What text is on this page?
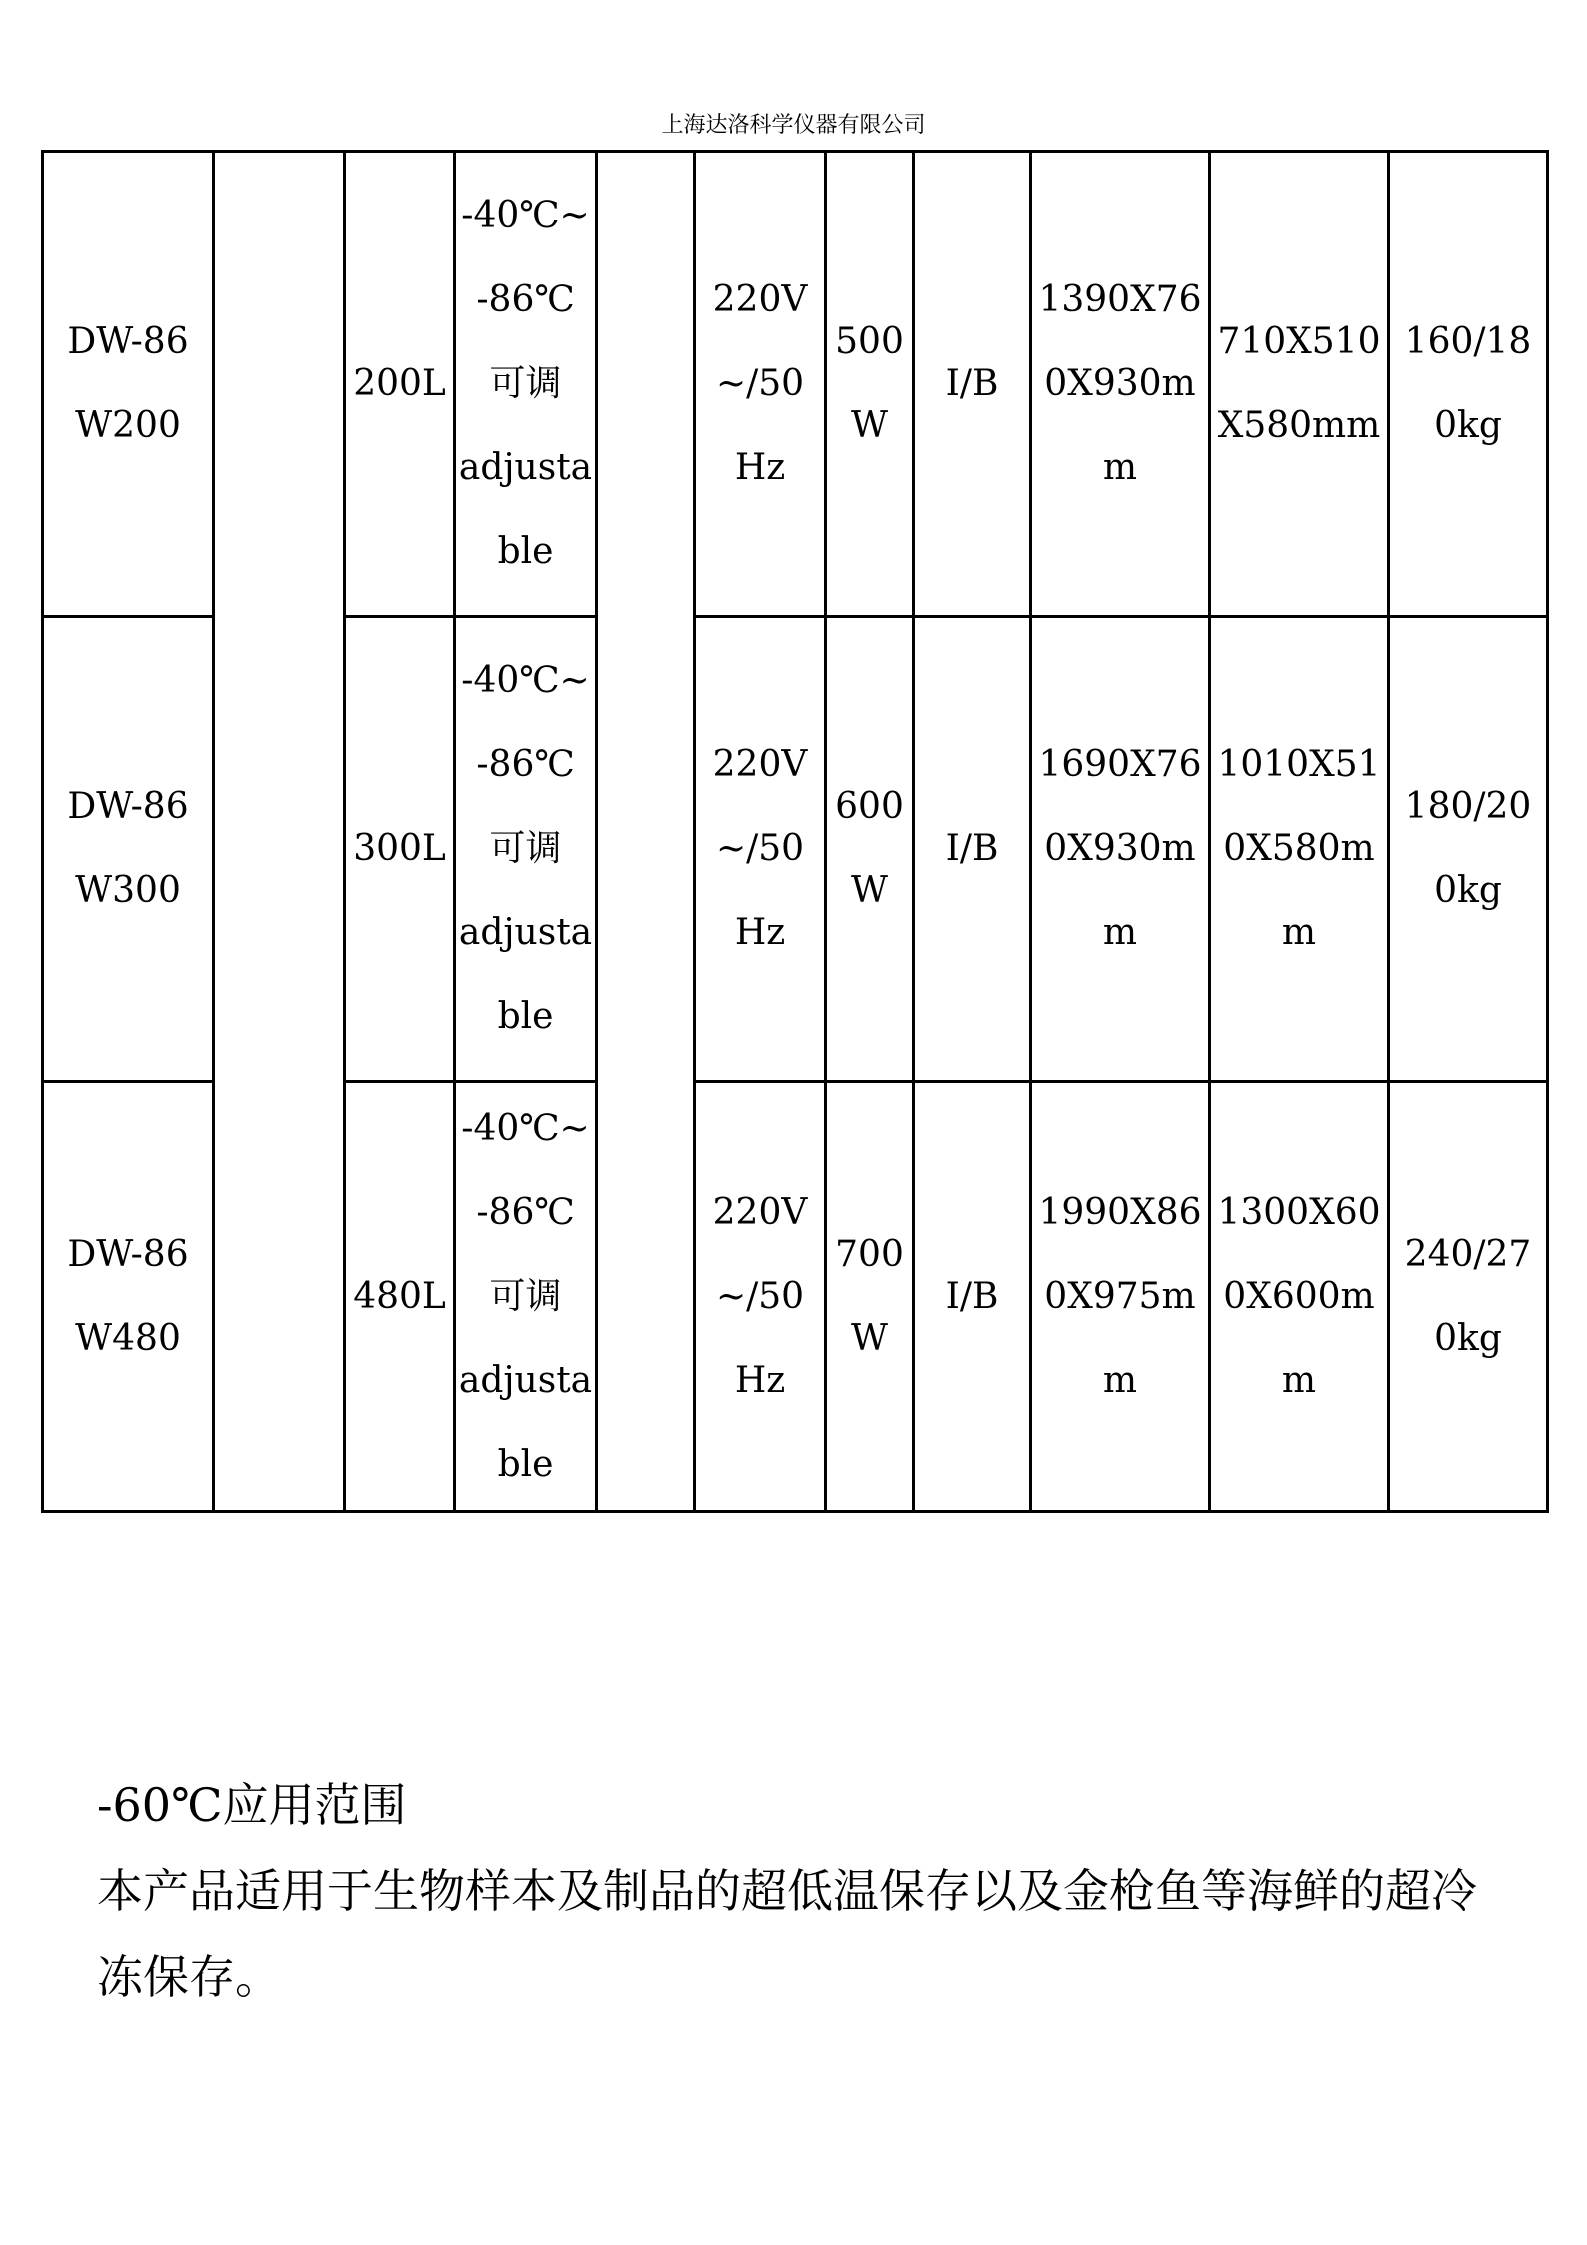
上海达洛科学仪器有限公司
DW-86W200		200L	-40℃~
-86℃
可调
adjustable		220V~/50Hz	500W	I/B	1390X760X930mm	710X510X580mm	160/180kg
DW-86W300		300L	-40℃~
-86℃
可调
adjustable		220V~/50Hz	600W	I/B	1690X760X930mm	1010X510X580mm	180/200kg
DW-86W480		480L	-40℃~
-86℃
可调
adjustable		220V~/50Hz	700W	I/B	1990X860X975mm	1300X600X600mm	240/270kg

-60℃应用范围

本产品适用于生物样本及制品的超低温保存以及金枪鱼等海鲜的超冷冻保存。
